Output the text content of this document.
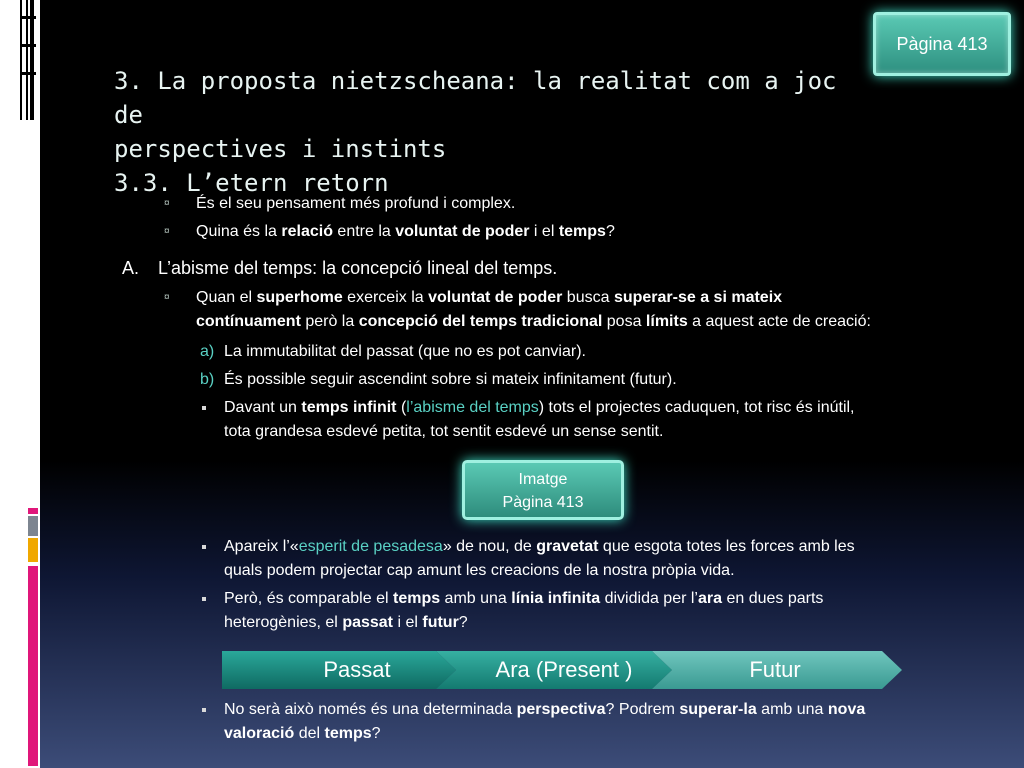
Pàgina 413
3. La proposta nietzscheana: la realitat com a joc de
perspectives i instints
3.3. L’etern retorn
¤ És el seu pensament més profund i complex.
¤ Quina és la relació entre la voluntat de poder i el temps?
A. L’abisme del temps: la concepció lineal del temps.
¤ Quan el superhome exerceix la voluntat de poder busca superar-se a si mateix
contínuament però la concepció del temps tradicional posa límits a aquest acte de creació:
a) La immutabilitat del passat (que no es pot canviar).
b) És possible seguir ascendint sobre si mateix infinitament (futur).
Davant un temps infinit (l’abisme del temps) tots el projectes caduquen, tot risc és inútil,
tota grandesa esdevé petita, tot sentit esdevé un sense sentit.
Imatge
Pàgina 413
Apareix l’«esperit de pesadesa» de nou, de gravetat que esgota totes les forces amb les
quals podem projectar cap amunt les creacions de la nostra pròpia vida.
Però, és comparable el temps amb una línia infinita dividida per l’ara en dues parts
heterogènies, el passat i el futur?
Passat	Ara (Present )	Futur
No serà això només és una determinada perspectiva? Podrem superar-la amb una nova
valoració del temps?
